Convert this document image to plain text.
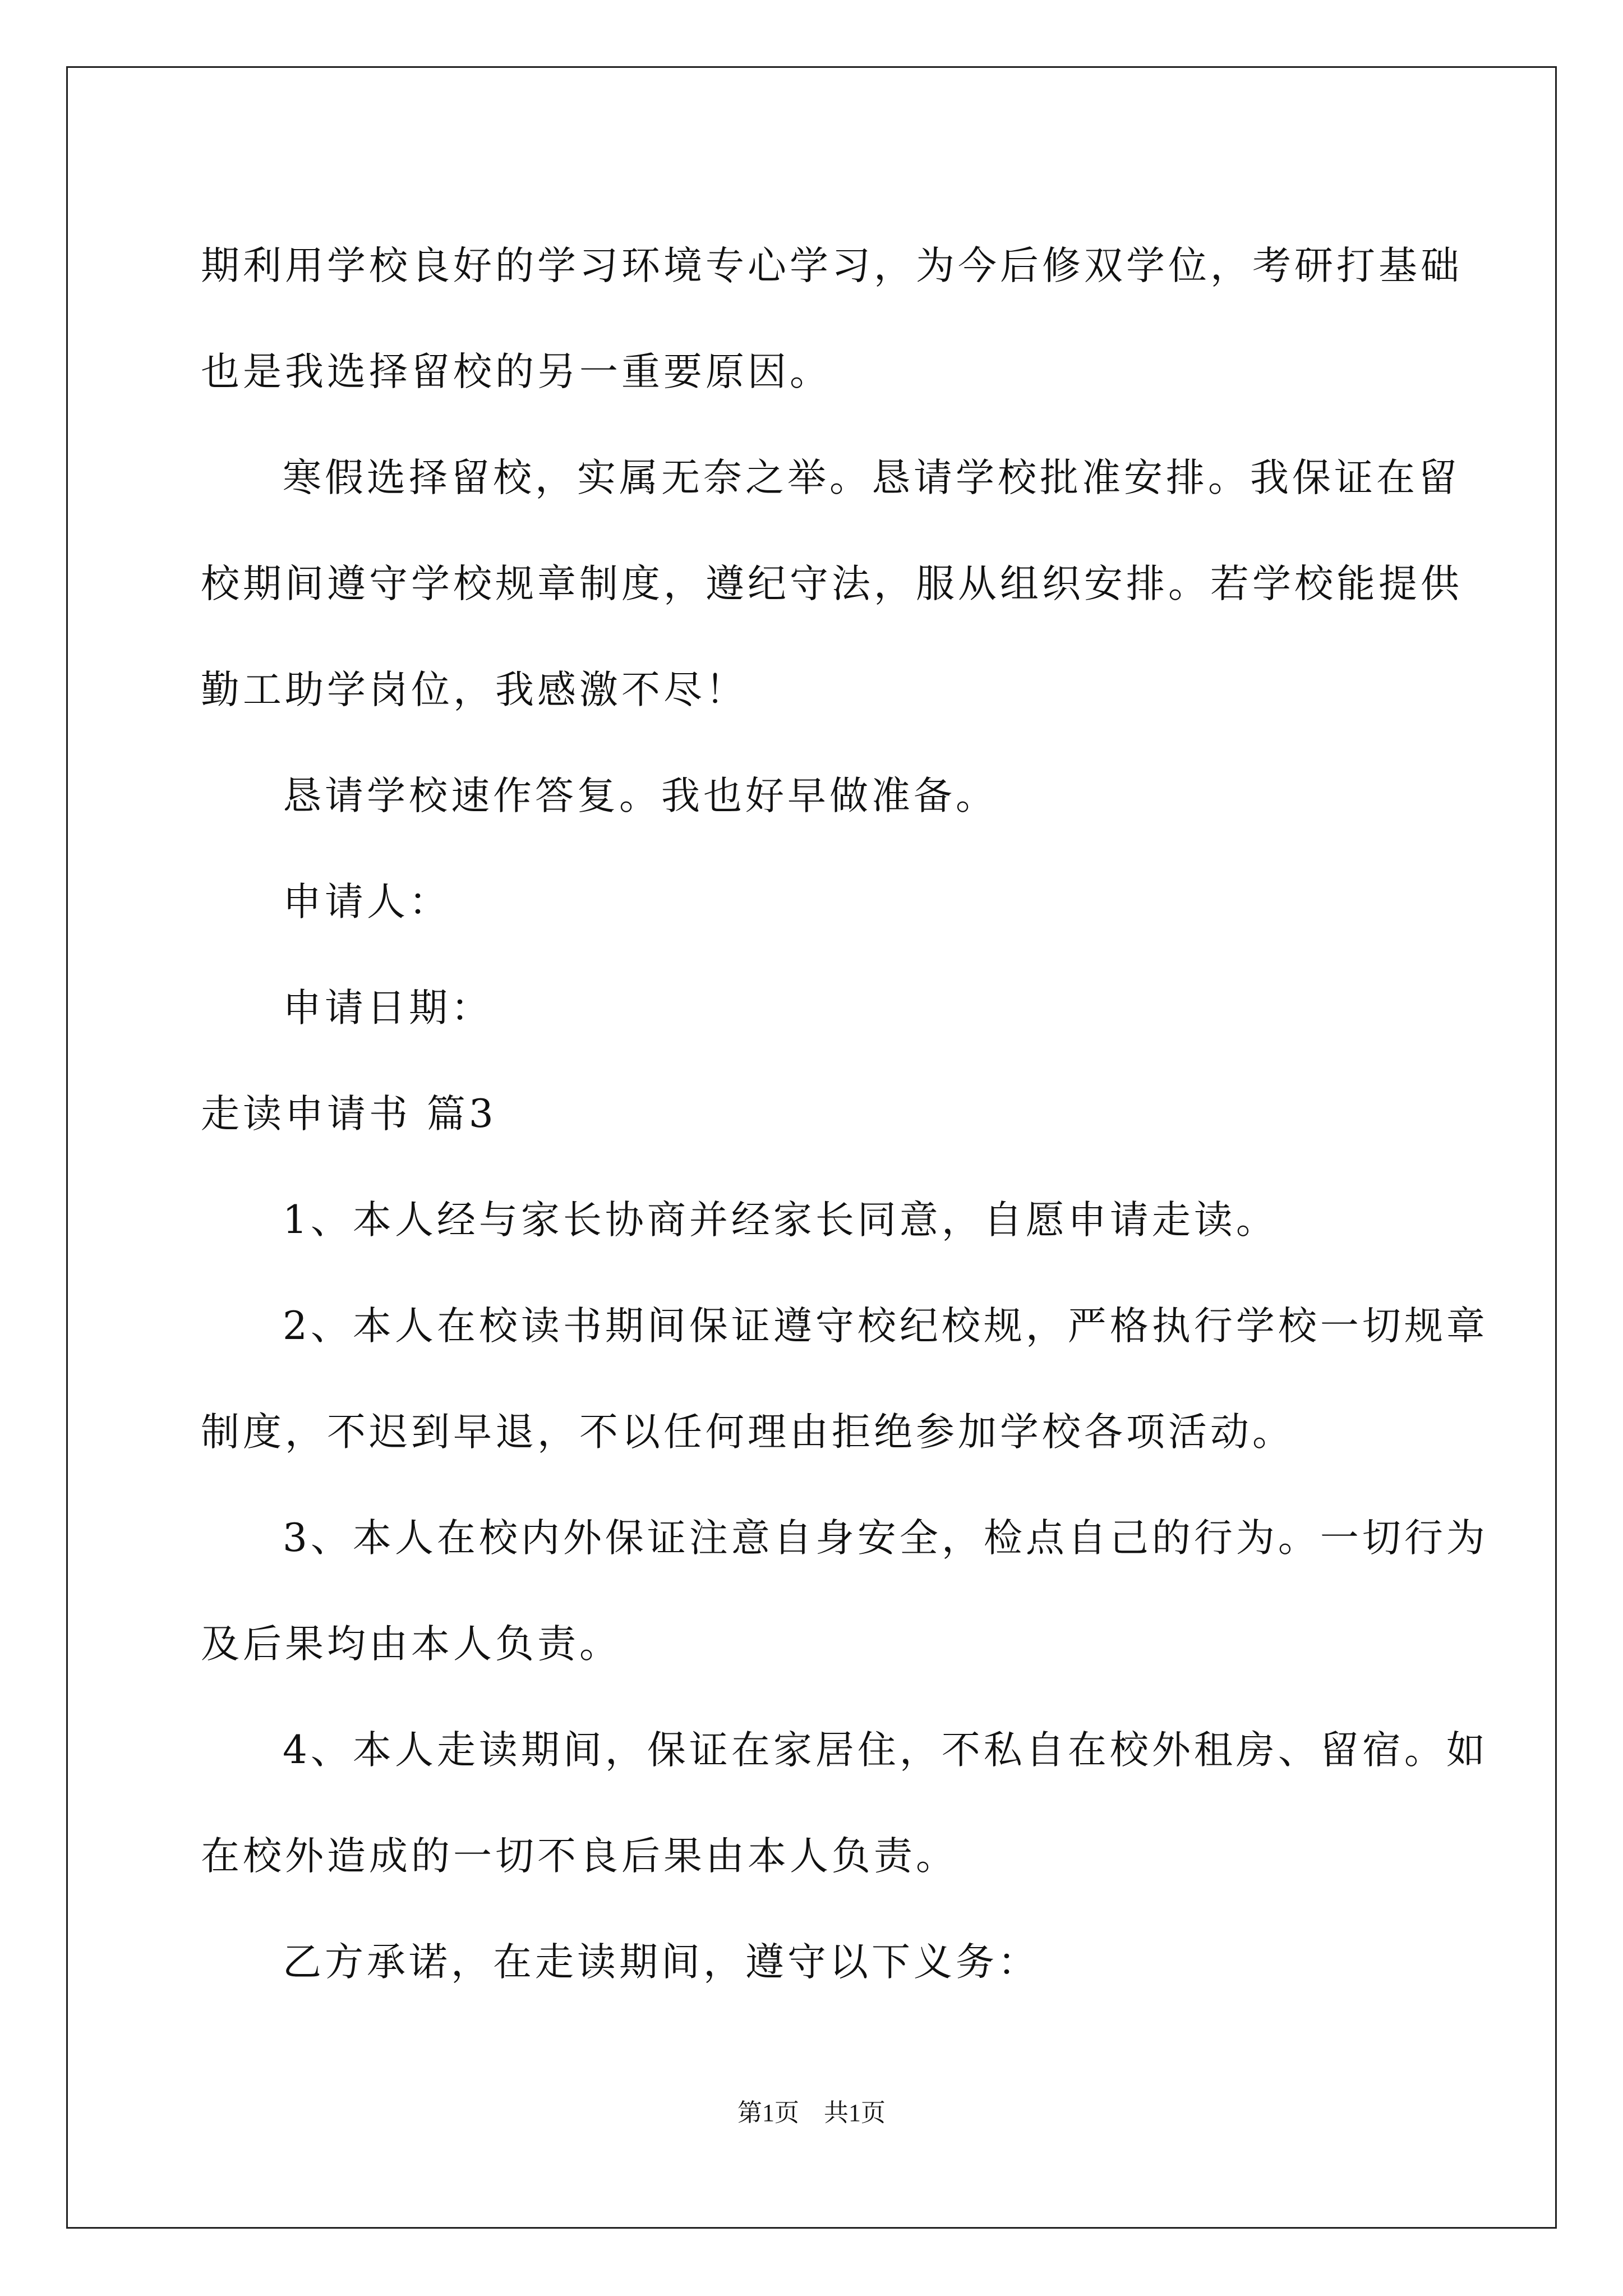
期利用学校良好的学习环境专心学习，为今后修双学位，考研打基础
也是我选择留校的另一重要原因。
寒假选择留校，实属无奈之举。恳请学校批准安排。我保证在留
校期间遵守学校规章制度，遵纪守法，服从组织安排。若学校能提供
勤工助学岗位，我感激不尽！
恳请学校速作答复。我也好早做准备。
申请人：
申请日期：
走读申请书 篇3
1、本人经与家长协商并经家长同意，自愿申请走读。
2、本人在校读书期间保证遵守校纪校规，严格执行学校一切规章
制度，不迟到早退，不以任何理由拒绝参加学校各项活动。
3、本人在校内外保证注意自身安全，检点自己的行为。一切行为
及后果均由本人负责。
4、本人走读期间，保证在家居住，不私自在校外租房、留宿。如
在校外造成的一切不良后果由本人负责。
乙方承诺，在走读期间，遵守以下义务：
第1页　共1页
